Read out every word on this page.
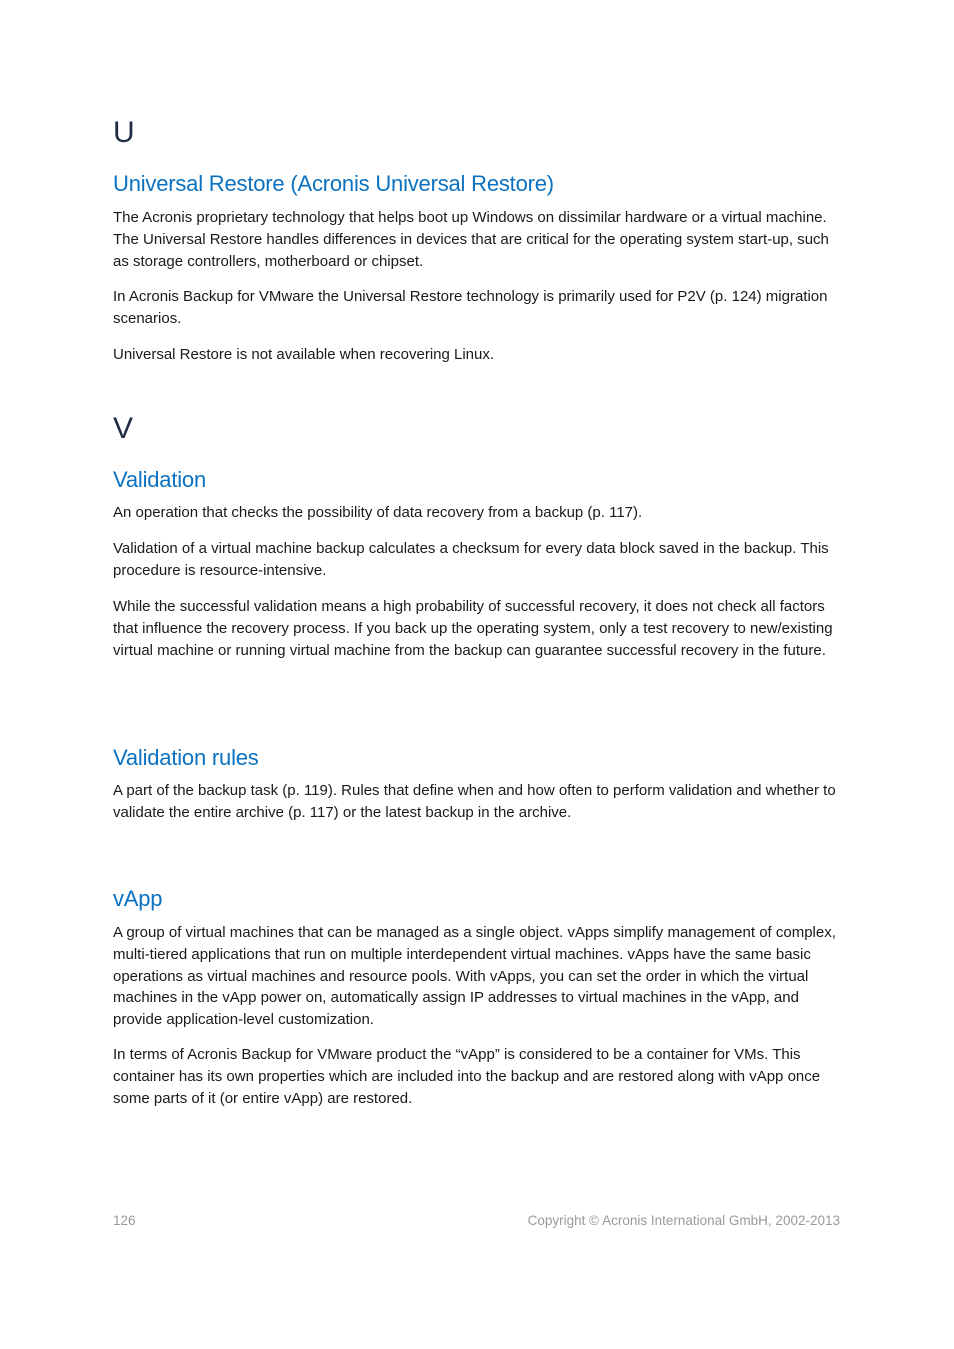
U
Universal Restore (Acronis Universal Restore)

The Acronis proprietary technology that helps boot up Windows on dissimilar hardware or a virtual machine. The Universal Restore handles differences in devices that are critical for the operating system start-up, such as storage controllers, motherboard or chipset.

In Acronis Backup for VMware the Universal Restore technology is primarily used for P2V (p. 124) migration scenarios.

Universal Restore is not available when recovering Linux.

V
Validation

An operation that checks the possibility of data recovery from a backup (p. 117).

Validation of a virtual machine backup calculates a checksum for every data block saved in the backup. This procedure is resource-intensive.

While the successful validation means a high probability of successful recovery, it does not check all factors that influence the recovery process. If you back up the operating system, only a test recovery to new/existing virtual machine or running virtual machine from the backup can guarantee successful recovery in the future.

Validation rules

A part of the backup task (p. 119). Rules that define when and how often to perform validation and whether to validate the entire archive (p. 117) or the latest backup in the archive.

vApp

A group of virtual machines that can be managed as a single object. vApps simplify management of complex, multi-tiered applications that run on multiple interdependent virtual machines. vApps have the same basic operations as virtual machines and resource pools. With vApps, you can set the order in which the virtual machines in the vApp power on, automatically assign IP addresses to virtual machines in the vApp, and provide application-level customization.

In terms of Acronis Backup for VMware product the “vApp” is considered to be a container for VMs. This container has its own properties which are included into the backup and are restored along with vApp once some parts of it (or entire vApp) are restored.

126	Copyright © Acronis International GmbH, 2002-2013
